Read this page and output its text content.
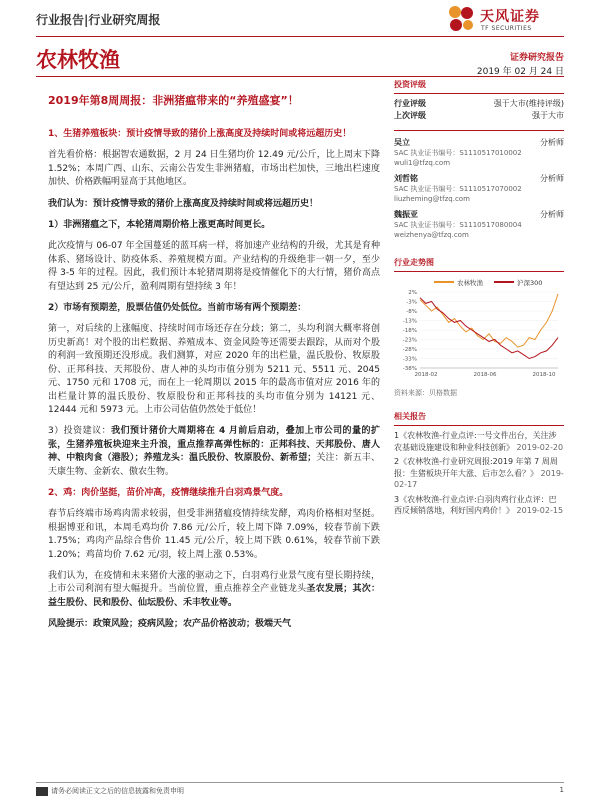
行业报告|行业研究周报	天风证券
TF SECURITIES
农林牧渔	证券研究报告
2019 年 02 月 24 日
2019年第8周周报：非洲猪瘟带来的“养殖盛宴”！

1、生猪养殖板块：预计疫情导致的猪价上涨高度及持续时间或将远超历史！

首先看价格：根据智农通数据，2 月 24 日生猪均价 12.49 元/公斤，比上周末下降 1.52%；本周广西、山东、云南公告发生非洲猪瘟，市场出栏加快，三地出栏速度加快、价格跌幅明显高于其他地区。

我们认为：预计疫情导致的猪价上涨高度及持续时间或将远超历史！

1）非洲猪瘟之下，本轮猪周期价格上涨更高时间更长。

此次疫情与 06-07 年全国蔓延的蓝耳病一样，将加速产业结构的升级，尤其是育种体系、猪场设计、防疫体系、养殖规模方面。产业结构的升级绝非一朝一夕，至少得 3-5 年的过程。因此，我们预计本轮猪周期将是疫情催化下的大行情，猪价高点有望达到 25 元/公斤，盈利周期有望持续 3 年！

2）市场有预期差，股票估值仍处低位。当前市场有两个预期差：

第一，对后续的上涨幅度、持续时间市场还存在分歧；第二，头均利润大概率将创历史新高！对个股的出栏数据、养殖成本、资金风险等还需要去跟踪，从而对个股的利润一致预期还没形成。我们测算，对应 2020 年的出栏量，温氏股份、牧原股份、正邦科技、天邦股份、唐人神的头均市值分别为 5211 元、5511 元、2045 元、1750 元和 1708 元，而在上一轮周期以 2015 年的最高市值对应 2016 年的出栏量计算的温氏股份、牧原股份和正邦科技的头均市值分别为 14121 元、12444 元和 5973 元。上市公司估值仍然处于低位！

3）投资建议：我们预计猪价大周期将在 4 月前后启动，叠加上市公司的量的扩张，生猪养殖板块迎来主升浪，重点推荐高弹性标的：正邦科技、天邦股份、唐人神、中粮肉食（港股）；养殖龙头：温氏股份、牧原股份、新希望；关注：新五丰、天康生物、金新农、傲农生物。

2、鸡：肉价坚挺，苗价冲高，疫情继续推升白羽鸡景气度。

春节后终端市场鸡肉需求较弱，但受非洲猪瘟疫情持续发酵，鸡肉价格相对坚挺。根据博亚和讯，本周毛鸡均价 7.86 元/公斤，较上周下降 7.09%，较春节前下跌 1.75%；鸡肉产品综合售价 11.45 元/公斤，较上周下跌 0.61%，较春节前下跌 1.20%；鸡苗均价 7.62 元/羽，较上周上涨 0.53%。

我们认为，在疫情和未来猪价大涨的驱动之下，白羽鸡行业景气度有望长期持续，上市公司利润有望大幅提升。当前位置，重点推荐全产业链龙头圣农发展；其次：益生股份、民和股份、仙坛股份、禾丰牧业等。

风险提示：政策风险；疫病风险；农产品价格波动；极端天气

投资评级
行业评级	强于大市(维持评级)
上次评级	强于大市
吴立	分析师
SAC 执业证书编号：S1110517010002
wuli1@tfzq.com
刘哲铭	分析师
SAC 执业证书编号：S1110517070002
liuzheming@tfzq.com
魏振亚	分析师
SAC 执业证书编号：S1110517080004
weizhenya@tfzq.com
行业走势图
农林牧渔	沪深300
2%
-3%
-8%
-13%
-18%
-23%
-28%
-33%
-38%
2018-02	2018-06	2018-10
资料来源：贝格数据
相关报告
1《农林牧渔-行业点评:一号文件出台，关注涉农基础设施建设和种业科技创新》 2019-02-20
2《农林牧渔-行业研究周报:2019 年第 7 周周报：生猪板块开年大涨、后市怎么看？》 2019-02-17
3《农林牧渔-行业点评:白羽肉鸡行业点评：巴西反倾销落地，利好国内鸡价！》 2019-02-15
请务必阅读正文之后的信息披露和免责申明	1
